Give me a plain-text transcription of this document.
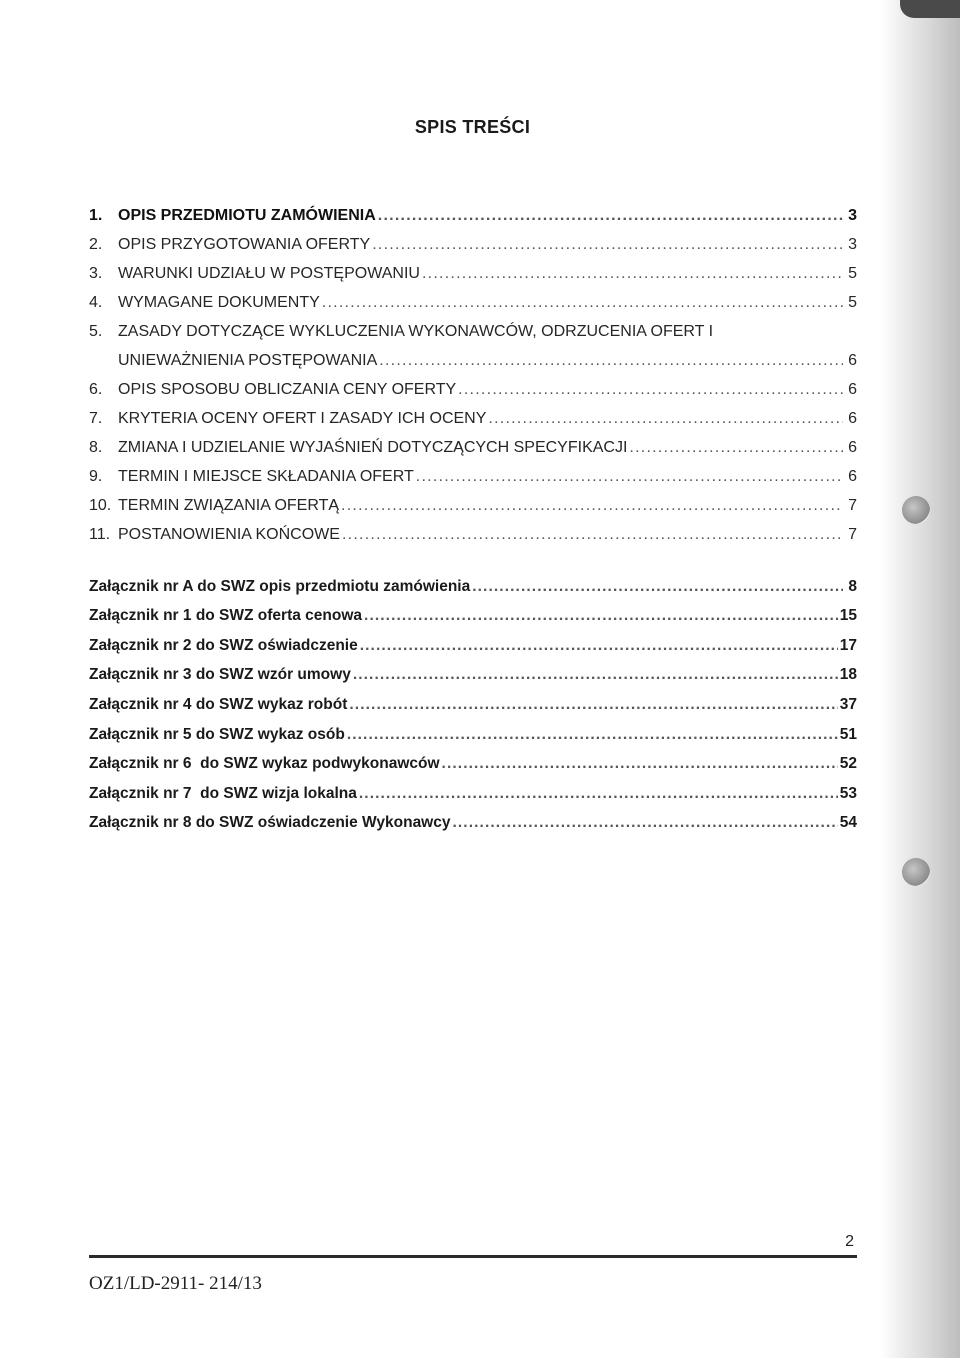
SPIS TREŚCI
1. OPIS PRZEDMIOTU ZAMÓWIENIA . . .	3
2. OPIS PRZYGOTOWANIA OFERTY . . .	3
3. WARUNKI UDZIAŁU W POSTĘPOWANIU . . .	5
4. WYMAGANE DOKUMENTY . . .	5
5. ZASADY DOTYCZĄCE WYKLUCZENIA WYKONAWCÓW, ODRZUCENIA OFERT I
UNIEWAŻNIENIA POSTĘPOWANIA . . .	6
6. OPIS SPOSOBU OBLICZANIA CENY OFERTY . . .	6
7. KRYTERIA OCENY OFERT I ZASADY ICH OCENY . . .	6
8. ZMIANA I UDZIELANIE WYJAŚNIEŃ DOTYCZĄCYCH SPECYFIKACJI . . .	6
9. TERMIN I MIEJSCE SKŁADANIA OFERT . . .	6
10. TERMIN ZWIĄZANIA OFERTĄ . . .	7
11. POSTANOWIENIA KOŃCOWE . . .	7
Załącznik nr A do SWZ opis przedmiotu zamówienia . . .	8
Załącznik nr 1 do SWZ oferta cenowa . . .	15
Załącznik nr 2 do SWZ oświadczenie . . .	17
Załącznik nr 3 do SWZ wzór umowy . . .	18
Załącznik nr 4 do SWZ wykaz robót . . .	37
Załącznik nr 5 do SWZ wykaz osób . . .	51
Załącznik nr 6  do SWZ wykaz podwykonawców . . .	52
Załącznik nr 7  do SWZ wizja lokalna . . .	53
Załącznik nr 8 do SWZ oświadczenie Wykonawcy . . .	54
2
OZ1/LD-2911- 214/13
